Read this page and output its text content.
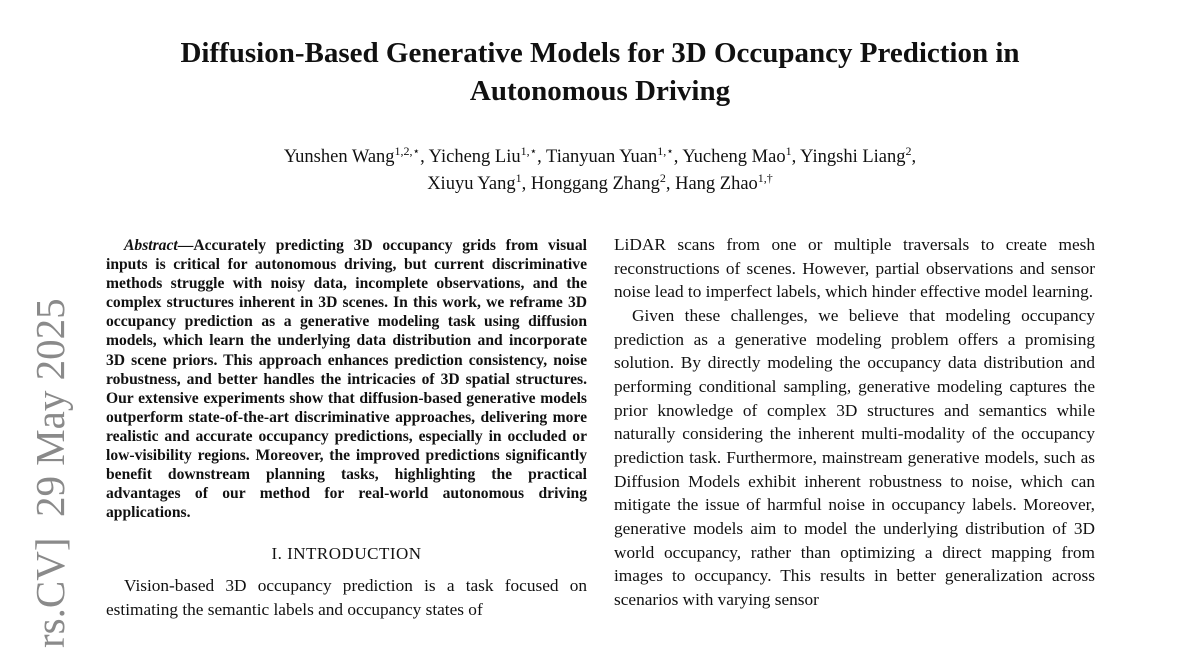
Diffusion-Based Generative Models for 3D Occupancy Prediction in
Autonomous Driving
Yunshen Wang$^{1,2,⋆}$, Yicheng Liu$^{1,⋆}$, Tianyuan Yuan$^{1,⋆}$, Yucheng Mao$^1$, Yingshi Liang$^2$,
Xiuyu Yang$^1$, Honggang Zhang$^2$, Hang Zhao$^{1,\dagger}$
rs.CV]  29 May 2025

Abstract—Accurately predicting 3D occupancy grids from visual inputs is critical for autonomous driving, but current discriminative methods struggle with noisy data, incomplete observations, and the complex structures inherent in 3D scenes. In this work, we reframe 3D occupancy prediction as a generative modeling task using diffusion models, which learn the underlying data distribution and incorporate 3D scene priors. This approach enhances prediction consistency, noise robustness, and better handles the intricacies of 3D spatial structures. Our extensive experiments show that diffusion-based generative models outperform state-of-the-art discriminative approaches, delivering more realistic and accurate occupancy predictions, especially in occluded or low-visibility regions. Moreover, the improved predictions significantly benefit downstream planning tasks, highlighting the practical advantages of our method for real-world autonomous driving applications.

I. INTRODUCTION

Vision-based 3D occupancy prediction is a task focused on estimating the semantic labels and occupancy states of

LiDAR scans from one or multiple traversals to create mesh reconstructions of scenes. However, partial observations and sensor noise lead to imperfect labels, which hinder effective model learning.

Given these challenges, we believe that modeling occupancy prediction as a generative modeling problem offers a promising solution. By directly modeling the occupancy data distribution and performing conditional sampling, generative modeling captures the prior knowledge of complex 3D structures and semantics while naturally considering the inherent multi-modality of the occupancy prediction task. Furthermore, mainstream generative models, such as Diffusion Models exhibit inherent robustness to noise, which can mitigate the issue of harmful noise in occupancy labels. Moreover, generative models aim to model the underlying distribution of 3D world occupancy, rather than optimizing a direct mapping from images to occupancy. This results in better generalization across scenarios with varying sensor
